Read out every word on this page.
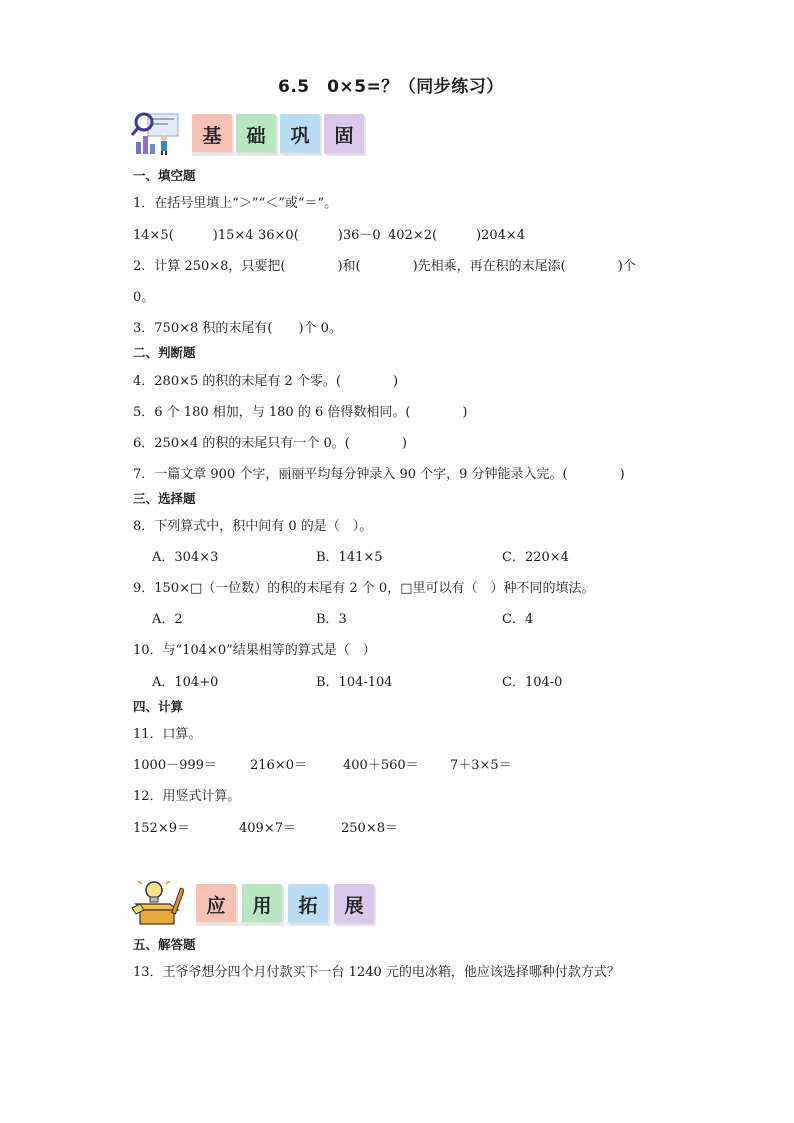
6.5　0×5=？（同步练习）
基 础 巩 固
一、填空题
1．在括号里填上“＞”“＜”或“＝”。
14×5(　　　)15×4 36×0(　　　)36－0 402×2(　　　)204×4
2．计算 250×8，只要把(　　　　)和(　　　　)先相乘，再在积的末尾添(　　　　)个
0。
3．750×8 积的末尾有(　　)个 0。
二、判断题
4．280×5 的积的末尾有 2 个零。(　　　　)
5．6 个 180 相加，与 180 的 6 倍得数相同。(　　　　)
6．250×4 的积的末尾只有一个 0。(　　　　)
7．一篇文章 900 个字，丽丽平均每分钟录入 90 个字，9 分钟能录入完。(　　　　)
三、选择题
8．下列算式中，积中间有 0 的是（　）。
A．304×3	B．141×5	C．220×4
9．150×□（一位数）的积的末尾有 2 个 0，□里可以有（　）种不同的填法。
A．2	B．3	C．4
10．与“104×0”结果相等的算式是（　）
A．104+0	B．104-104	C．104-0
四、计算
11．口算。
1000－999＝	216×0＝	400＋560＝ 7＋3×5＝
12．用竖式计算。
152×9＝	409×7＝	250×8＝
应 用 拓 展
五、解答题
13．王爷爷想分四个月付款买下一台 1240 元的电冰箱，他应该选择哪种付款方式？
